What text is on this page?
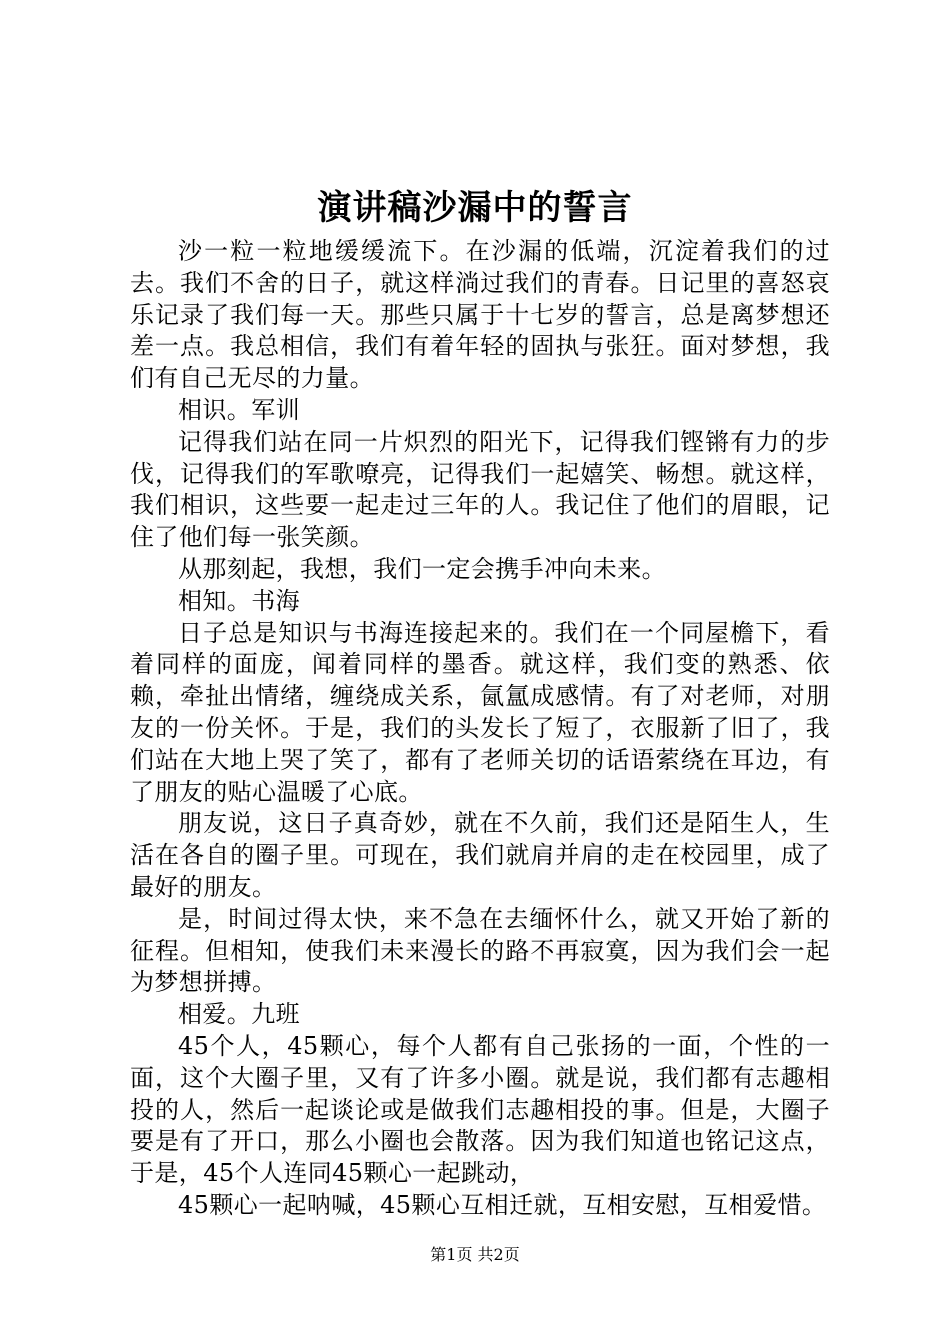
演讲稿沙漏中的誓言

沙一粒一粒地缓缓流下。在沙漏的低端，沉淀着我们的过去。我们不舍的日子，就这样淌过我们的青春。日记里的喜怒哀乐记录了我们每一天。那些只属于十七岁的誓言，总是离梦想还差一点。我总相信，我们有着年轻的固执与张狂。面对梦想，我们有自己无尽的力量。

相识。军训

记得我们站在同一片炽烈的阳光下，记得我们铿锵有力的步伐，记得我们的军歌嘹亮，记得我们一起嬉笑、畅想。就这样，我们相识，这些要一起走过三年的人。我记住了他们的眉眼，记住了他们每一张笑颜。

从那刻起，我想，我们一定会携手冲向未来。

相知。书海

日子总是知识与书海连接起来的。我们在一个同屋檐下，看着同样的面庞，闻着同样的墨香。就这样，我们变的熟悉、依赖，牵扯出情绪，缠绕成关系，氤氲成感情。有了对老师，对朋友的一份关怀。于是，我们的头发长了短了，衣服新了旧了，我们站在大地上哭了笑了，都有了老师关切的话语萦绕在耳边，有了朋友的贴心温暖了心底。

朋友说，这日子真奇妙，就在不久前，我们还是陌生人，生活在各自的圈子里。可现在，我们就肩并肩的走在校园里，成了最好的朋友。

是，时间过得太快，来不急在去缅怀什么，就又开始了新的征程。但相知，使我们未来漫长的路不再寂寞，因为我们会一起为梦想拼搏。

相爱。九班

45个人，45颗心，每个人都有自己张扬的一面，个性的一面，这个大圈子里，又有了许多小圈。就是说，我们都有志趣相投的人，然后一起谈论或是做我们志趣相投的事。但是，大圈子要是有了开口，那么小圈也会散落。因为我们知道也铭记这点，于是，45个人连同45颗心一起跳动，

45颗心一起呐喊，45颗心互相迁就，互相安慰，互相爱惜。

第1页 共2页
